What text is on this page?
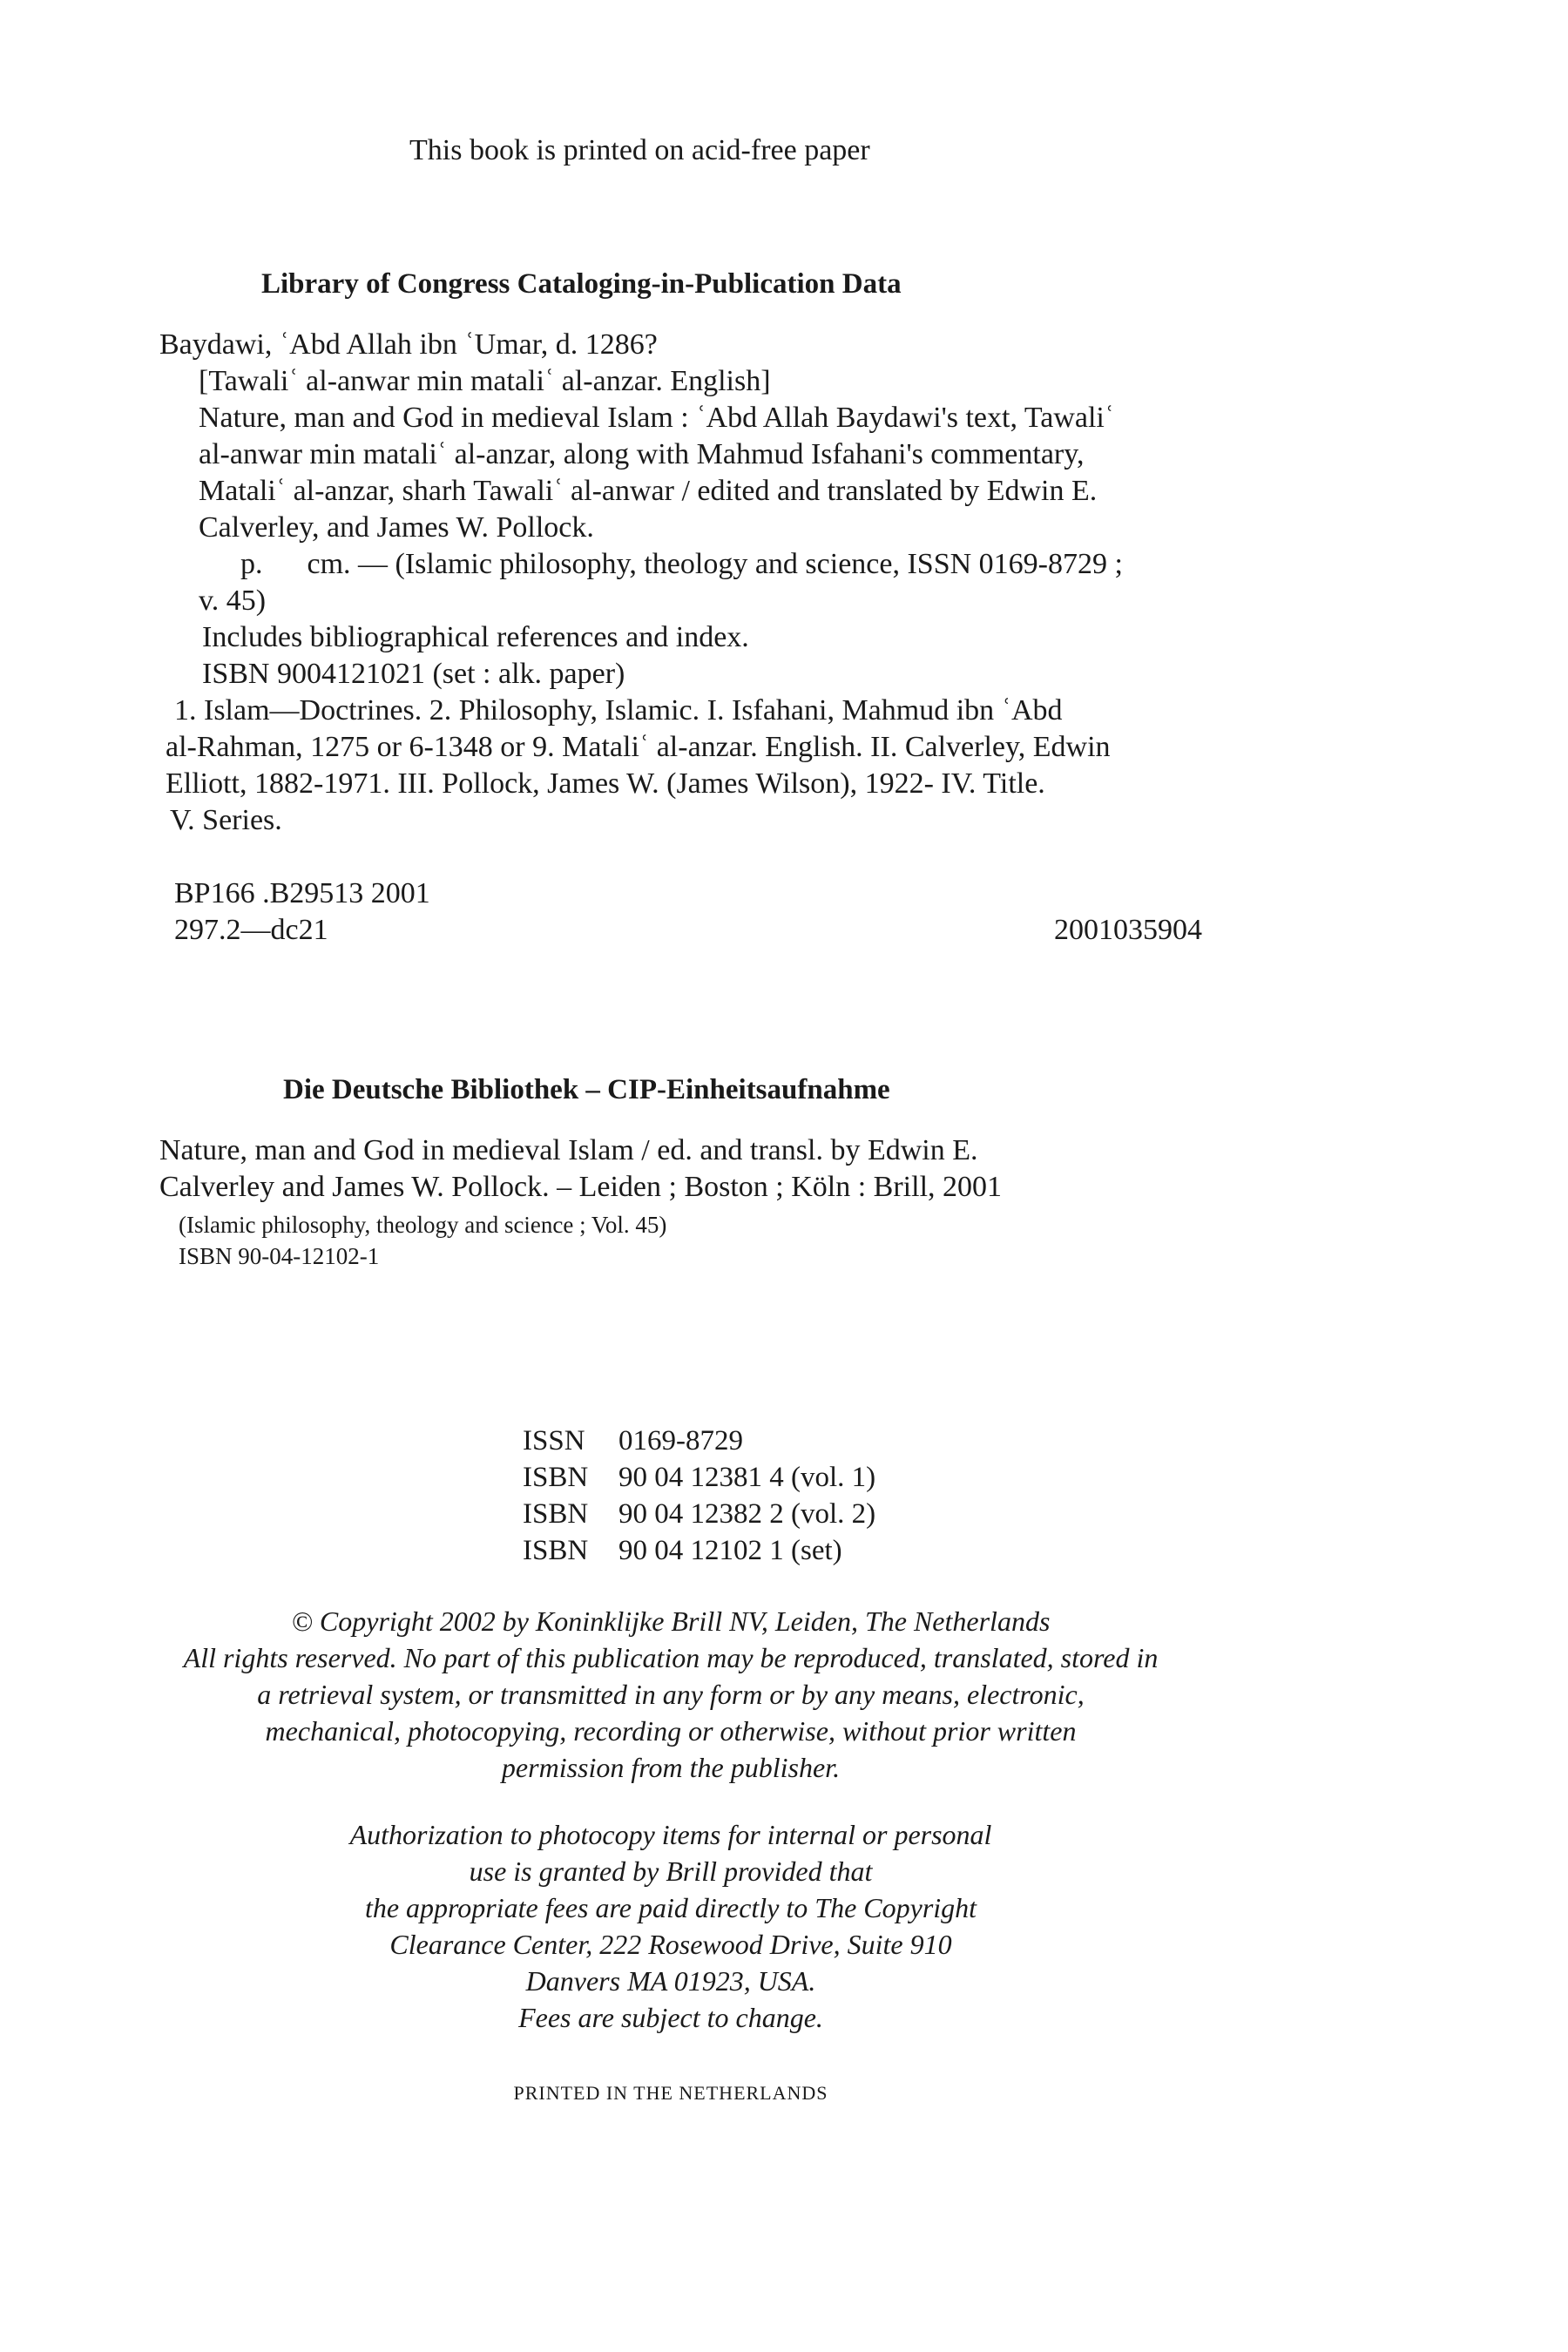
This book is printed on acid-free paper
Library of Congress Cataloging-in-Publication Data
Baydawi, ʿAbd Allah ibn ʿUmar, d. 1286?
[Tawaliʿ al-anwar min mataliʿ al-anzar. English]
Nature, man and God in medieval Islam : ʿAbd Allah Baydawi's text, Tawaliʿ
al-anwar min mataliʿ al-anzar, along with Mahmud Isfahani's commentary,
Mataliʿ al-anzar, sharh Tawaliʿ al-anwar / edited and translated by Edwin E.
Calverley, and James W. Pollock.
p.      cm. — (Islamic philosophy, theology and science, ISSN 0169-8729 ;
v. 45)
Includes bibliographical references and index.
ISBN 9004121021 (set : alk. paper)
1. Islam—Doctrines. 2. Philosophy, Islamic. I. Isfahani, Mahmud ibn ʿAbd
al-Rahman, 1275 or 6-1348 or 9. Mataliʿ al-anzar. English. II. Calverley, Edwin
Elliott, 1882-1971. III. Pollock, James W. (James Wilson), 1922- IV. Title.
V. Series.
BP166 .B29513 2001
297.2—dc21	2001035904
Die Deutsche Bibliothek – CIP-Einheitsaufnahme
Nature, man and God in medieval Islam / ed. and transl. by Edwin E.
Calverley and James W. Pollock. – Leiden ; Boston ; Köln : Brill, 2001
(Islamic philosophy, theology and science ; Vol. 45)
ISBN 90-04-12102-1
ISSN 0169-8729
ISBN 90 04 12381 4 (vol. 1)
ISBN 90 04 12382 2 (vol. 2)
ISBN 90 04 12102 1 (set)
© Copyright 2002 by Koninklijke Brill NV, Leiden, The Netherlands
All rights reserved. No part of this publication may be reproduced, translated, stored in
a retrieval system, or transmitted in any form or by any means, electronic,
mechanical, photocopying, recording or otherwise, without prior written
permission from the publisher.
Authorization to photocopy items for internal or personal
use is granted by Brill provided that
the appropriate fees are paid directly to The Copyright
Clearance Center, 222 Rosewood Drive, Suite 910
Danvers MA 01923, USA.
Fees are subject to change.
PRINTED IN THE NETHERLANDS
